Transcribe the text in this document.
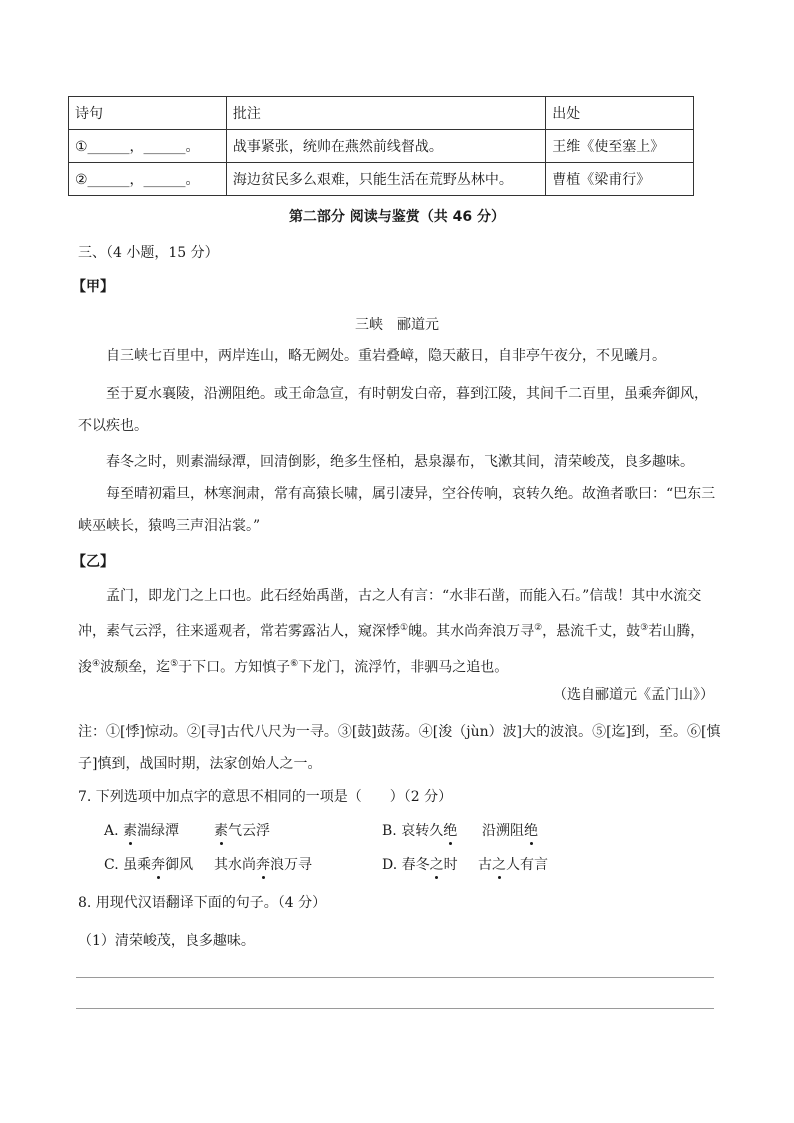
诗句	批注	出处
①______，______。	战事紧张，统帅在燕然前线督战。	王维《使至塞上》
②______，______。	海边贫民多么艰难，只能生活在荒野丛林中。	曹植《梁甫行》
第二部分 阅读与鉴赏（共 46 分）
三、（4 小题，15 分）
【甲】
三峡　郦道元
自三峡七百里中，两岸连山，略无阙处。重岩叠嶂，隐天蔽日，自非亭午夜分，不见曦月。
至于夏水襄陵，沿溯阻绝。或王命急宣，有时朝发白帝，暮到江陵，其间千二百里，虽乘奔御风，不以疾也。
春冬之时，则素湍绿潭，回清倒影，绝多生怪柏，悬泉瀑布，飞漱其间，清荣峻茂，良多趣味。
每至晴初霜旦，林寒涧肃，常有高猿长啸，属引凄异，空谷传响，哀转久绝。故渔者歌曰：“巴东三峡巫峡长，猿鸣三声泪沾裳。”
【乙】
孟门，即龙门之上口也。此石经始禹凿，古之人有言：“水非石凿，而能入石。”信哉！其中水流交冲，素气云浮，往来遥观者，常若雾露沾人，窥深悸①魄。其水尚奔浪万寻②，悬流千丈，鼓③若山腾，浚④波颓垒，迄⑤于下口。方知慎子⑥下龙门，流浮竹，非驷马之追也。
（选自郦道元《孟门山》）
注：①[悸]惊动。②[寻]古代八尺为一寻。③[鼓]鼓荡。④[浚（jùn）波]大的波浪。⑤[迄]到，至。⑥[慎子]慎到，战国时期，法家创始人之一。
7. 下列选项中加点字的意思不相同的一项是（　　）（2 分）
A. 素湍绿潭 素气云浮	B. 哀转久绝 沿溯阻绝
C. 虽乘奔御风 其水尚奔浪万寻	D. 春冬之时 古之人有言
8. 用现代汉语翻译下面的句子。（4 分）
（1）清荣峻茂，良多趣味。
